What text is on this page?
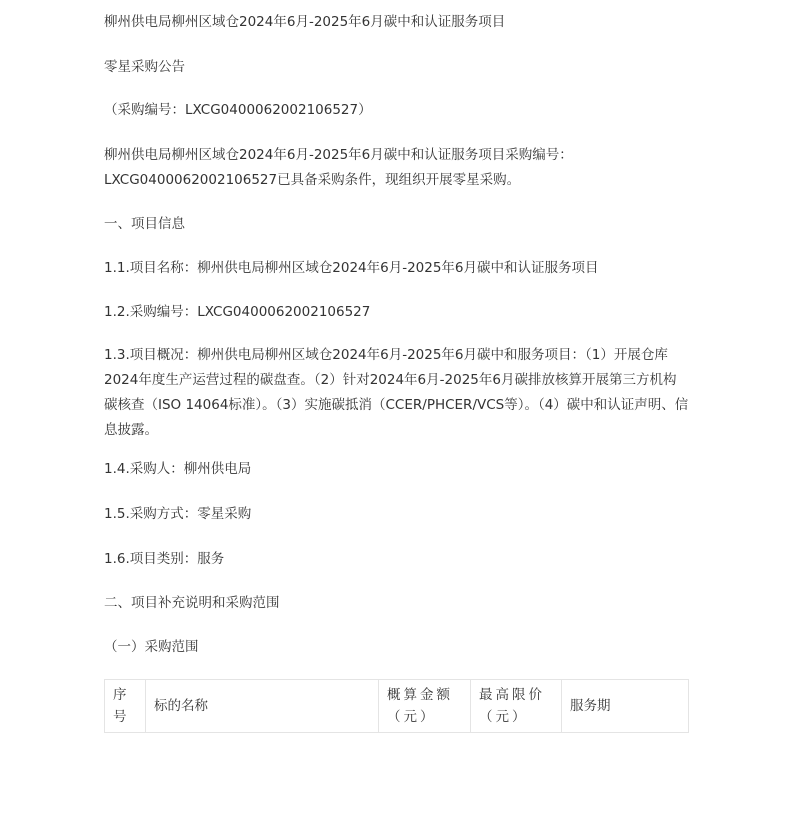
柳州供电局柳州区域仓2024年6月-2025年6月碳中和认证服务项目

零星采购公告

（采购编号：LXCG0400062002106527）

柳州供电局柳州区域仓2024年6月-2025年6月碳中和认证服务项目采购编号：LXCG0400062002106527已具备采购条件，现组织开展零星采购。

一、项目信息

1.1.项目名称：柳州供电局柳州区域仓2024年6月-2025年6月碳中和认证服务项目

1.2.采购编号：LXCG0400062002106527

1.3.项目概况：柳州供电局柳州区域仓2024年6月-2025年6月碳中和服务项目：（1）开展仓库2024年度生产运营过程的碳盘查。（2）针对2024年6月-2025年6月碳排放核算开展第三方机构碳核查（ISO 14064标准）。（3）实施碳抵消（CCER/PHCER/VCS等）。（4）碳中和认证声明、信息披露。

1.4.采购人：柳州供电局

1.5.采购方式：零星采购

1.6.项目类别：服务

二、项目补充说明和采购范围

（一）采购范围

序号	标的名称	概算金额（元）	最高限价（元）	服务期
